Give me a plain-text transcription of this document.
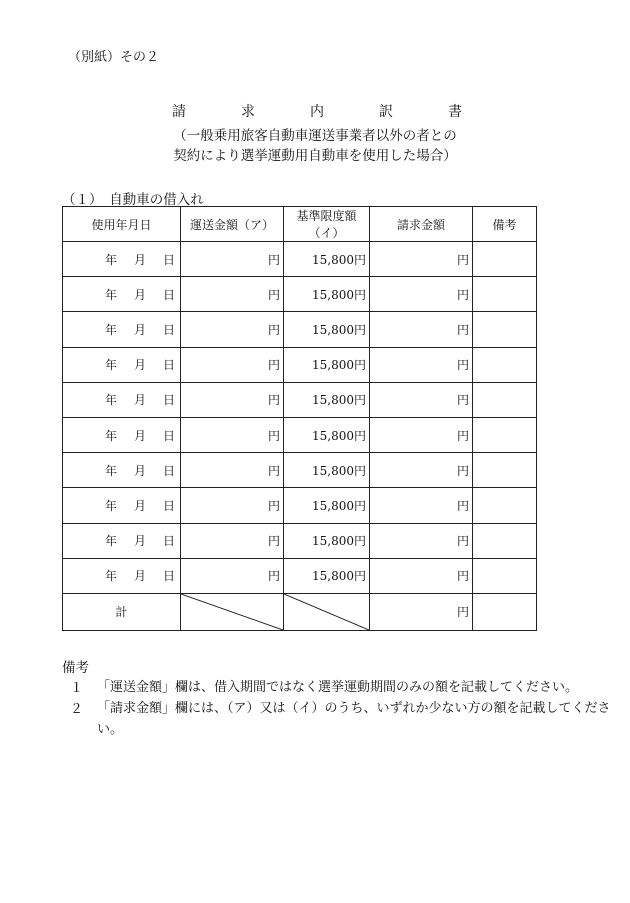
（別紙）その２
請	求	内	訳	書
（一般乗用旅客自動車運送事業者以外の者との
契約により選挙運動用自動車を使用した場合）
（１）　自動車の借入れ
使用年月日	運送金額（ア）	基準限度額（イ）	請求金額	備考

年 月 日	円	15,800円	円	

年 月 日	円	15,800円	円	

年 月 日	円	15,800円	円	

年 月 日	円	15,800円	円	

年 月 日	円	15,800円	円	

年 月 日	円	15,800円	円	

年 月 日	円	15,800円	円	

年 月 日	円	15,800円	円	

年 月 日	円	15,800円	円	

年 月 日	円	15,800円	円	
計			円	
備考
１	「運送金額」欄は、借入期間ではなく選挙運動期間のみの額を記載してください。
２	「請求金額」欄には、（ア）又は（イ）のうち、いずれか少ない方の額を記載してください。
